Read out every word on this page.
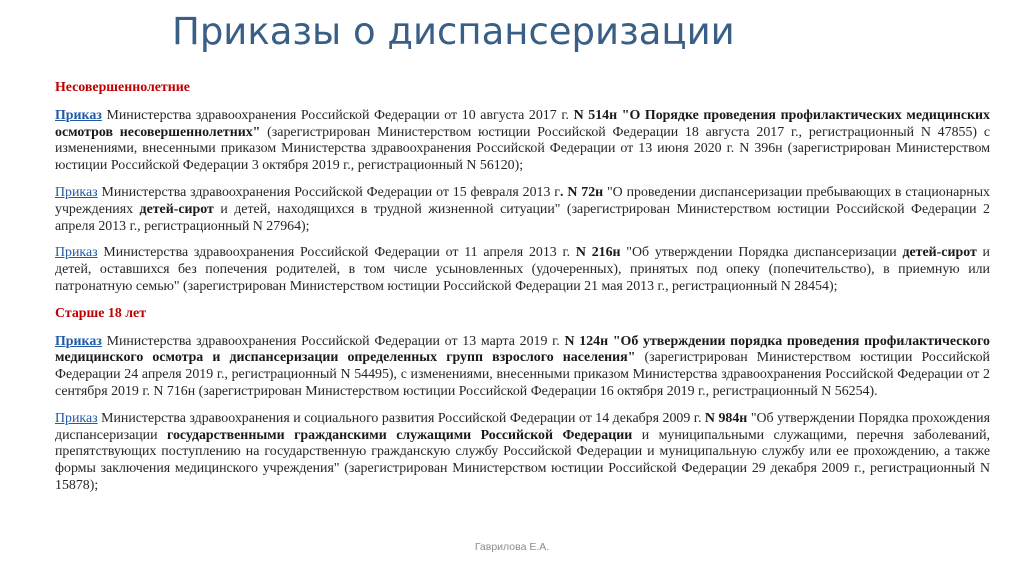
Приказы о диспансеризации
Несовершеннолетние

Приказ Министерства здравоохранения Российской Федерации от 10 августа 2017 г. N 514н "О Порядке проведения профилактических медицинских осмотров несовершеннолетних" (зарегистрирован Министерством юстиции Российской Федерации 18 августа 2017 г., регистрационный N 47855) с изменениями, внесенными приказом Министерства здравоохранения Российской Федерации от 13 июня 2020 г. N 396н (зарегистрирован Министерством юстиции Российской Федерации 3 октября 2019 г., регистрационный N 56120);

Приказ Министерства здравоохранения Российской Федерации от 15 февраля 2013 г. N 72н "О проведении диспансеризации пребывающих в стационарных учреждениях детей-сирот и детей, находящихся в трудной жизненной ситуации" (зарегистрирован Министерством юстиции Российской Федерации 2 апреля 2013 г., регистрационный N 27964);

Приказ Министерства здравоохранения Российской Федерации от 11 апреля 2013 г. N 216н "Об утверждении Порядка диспансеризации детей-сирот и детей, оставшихся без попечения родителей, в том числе усыновленных (удочеренных), принятых под опеку (попечительство), в приемную или патронатную семью" (зарегистрирован Министерством юстиции Российской Федерации 21 мая 2013 г., регистрационный N 28454);

Старше 18 лет

Приказ Министерства здравоохранения Российской Федерации от 13 марта 2019 г. N 124н "Об утверждении порядка проведения профилактического медицинского осмотра и диспансеризации определенных групп взрослого населения" (зарегистрирован Министерством юстиции Российской Федерации 24 апреля 2019 г., регистрационный N 54495), с изменениями, внесенными приказом Министерства здравоохранения Российской Федерации от 2 сентября 2019 г. N 716н (зарегистрирован Министерством юстиции Российской Федерации 16 октября 2019 г., регистрационный N 56254).

Приказ Министерства здравоохранения и социального развития Российской Федерации от 14 декабря 2009 г. N 984н "Об утверждении Порядка прохождения диспансеризации государственными гражданскими служащими Российской Федерации и муниципальными служащими, перечня заболеваний, препятствующих поступлению на государственную гражданскую службу Российской Федерации и муниципальную службу или ее прохождению, а также формы заключения медицинского учреждения" (зарегистрирован Министерством юстиции Российской Федерации 29 декабря 2009 г., регистрационный N 15878);

Гаврилова Е.А.
